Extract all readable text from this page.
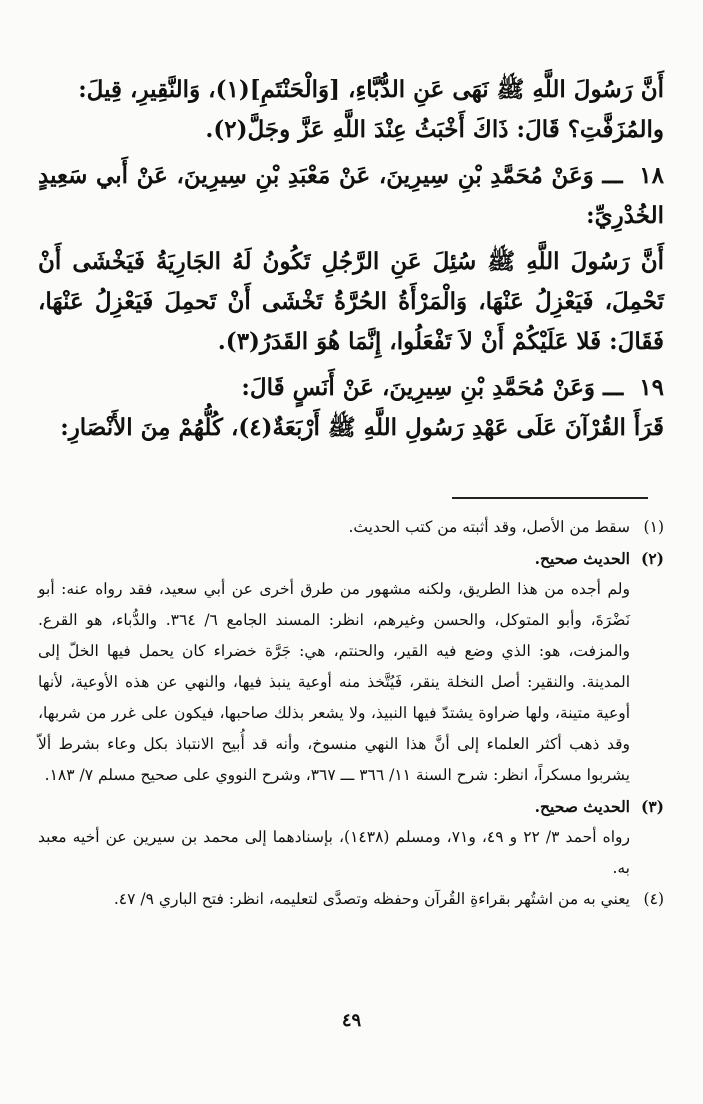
أَنَّ رَسُولَ اللَّهِ ﷺ نَهَى عَنِ الدُّبَّاءِ، [وَالْحَنْتَمِ](١)، وَالنَّقِيرِ، قِيلَ:

والمُزَفَّتِ؟ قَالَ: ذَاكَ أَخْبَثُ عِنْدَ اللَّهِ عَزَّ وجَلَّ(٢).

١٨ ـــ وَعَنْ مُحَمَّدِ بْنِ سِيرِينَ، عَنْ مَعْبَدِ بْنِ سِيرِينَ، عَنْ أَبي سَعِيدٍ الخُدْرِيِّ:

أَنَّ رَسُولَ اللَّهِ ﷺ سُئِلَ عَنِ الرَّجُلِ تَكُونُ لَهُ الجَارِيَةُ فَيَخْشَى أَنْ تَحْمِلَ، فَيَعْزِلُ عَنْهَا، وَالْمَرْأَةُ الحُرَّةُ تَخْشَى أَنْ تَحمِلَ فَيَعْزِلُ عَنْهَا، فَقَالَ: فَلا عَلَيْكُمْ أَنْ لاَ تَفْعَلُوا، إِنَّمَا هُوَ القَدَرُ(٣).

١٩ ـــ وَعَنْ مُحَمَّدِ بْنِ سِيرِينَ، عَنْ أَنَسٍ قَالَ:

قَرَأَ القُرْآنَ عَلَى عَهْدِ رَسُولِ اللَّهِ ﷺ أَرْبَعَةٌ(٤)، كُلُّهُمْ مِنَ الأَنْصَارِ:

(١)سقط من الأصل، وقد أثبته من كتب الحديث.
(٢)الحديث صحيح.

ولم أجده من هذا الطريق، ولكنه مشهور من طرق أخرى عن أبي سعيد، فقد رواه عنه: أبو نَضْرَةَ، وأبو المتوكل، والحسن وغيرهم، انظر: المسند الجامع ٦/ ٣٦٤. والدُّباء، هو القرع. والمزفت، هو: الذي وضع فيه القير، والحنتم، هي: جَرَّة خضراء كان يحمل فيها الخلّ إلى المدينة. والنقير: أصل النخلة ينقر، فَيُتَّخذ منه أوعية ينبذ فيها، والنهي عن هذه الأوعية، لأنها أوعية متينة، ولها ضراوة يشتدّ فيها النبيذ، ولا يشعر بذلك صاحبها، فيكون على غرر من شربها، وقد ذهب أكثر العلماء إلى أنَّ هذا النهي منسوخ، وأنه قد أُبيح الانتباذ بكل وعاء بشرط ألاّ يشربوا مسكراً، انظر: شرح السنة ١١/ ٣٦٦ ـــ ٣٦٧، وشرح النووي على صحيح مسلم ٧/ ١٨٣.

(٣)الحديث صحيح.

رواه أحمد ٣/ ٢٢ و ٤٩، و٧١، ومسلم (١٤٣٨)، بإسنادهما إلى محمد بن سيرين عن أخيه معبد به.

(٤)يعني به من اشتُهر بقراءةِ القُرآن وحفظه وتصدَّى لتعليمه، انظر: فتح الباري ٩/ ٤٧.
٤٩
